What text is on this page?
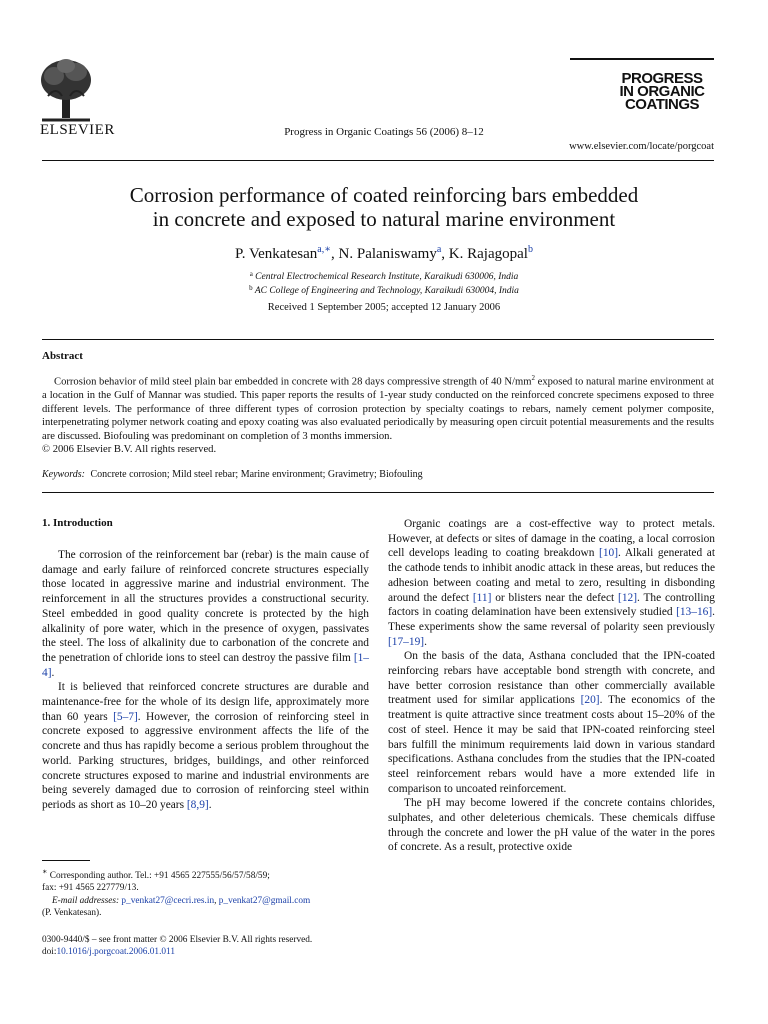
ELSEVIER	Progress in Organic Coatings 56 (2006) 8–12
PROGRESS
IN ORGANIC
COATINGS
www.elsevier.com/locate/porgcoat
Corrosion performance of coated reinforcing bars embedded
in concrete and exposed to natural marine environment
P. Venkatesan$^{a,∗}$, N. Palaniswamy$^a$, K. Rajagopal$^b$
$^a$ Central Electrochemical Research Institute, Karaikudi 630006, India
$^b$ AC College of Engineering and Technology, Karaikudi 630004, India
Received 1 September 2005; accepted 12 January 2006
Abstract

Corrosion behavior of mild steel plain bar embedded in concrete with 28 days compressive strength of 40 $N/mm^2$ exposed to natural marine environment at a location in the Gulf of Mannar was studied. This paper reports the results of 1-year study conducted on the reinforced concrete specimens exposed to three different levels. The performance of three different types of corrosion protection by specialty coatings to rebars, namely cement polymer composite, interpenetrating polymer network coating and epoxy coating was also evaluated periodically by measuring open circuit potential measurements and the results are discussed. Biofouling was predominant on completion of 3 months immersion.

© 2006 Elsevier B.V. All rights reserved.

Keywords: Concrete corrosion; Mild steel rebar; Marine environment; Gravimetry; Biofouling
1. Introduction

The corrosion of the reinforcement bar (rebar) is the main cause of damage and early failure of reinforced concrete structures especially those located in aggressive marine and industrial environment. The reinforcement in all the structures provides a constructional security. Steel embedded in good quality concrete is protected by the high alkalinity of pore water, which in the presence of oxygen, passivates the steel. The loss of alkalinity due to carbonation of the concrete and the penetration of chloride ions to steel can destroy the passive film [1–4].

It is believed that reinforced concrete structures are durable and maintenance-free for the whole of its design life, approximately more than 60 years [5–7]. However, the corrosion of reinforcing steel in concrete exposed to aggressive environment affects the life of the concrete and thus has rapidly become a serious problem throughout the world. Parking structures, bridges, buildings, and other reinforced concrete structures exposed to marine and industrial environments are being severely damaged due to corrosion of reinforcing steel within periods as short as 10–20 years [8,9].

∗ Corresponding author. Tel.: +91 4565 227555/56/57/58/59;

fax: +91 4565 227779/13.

E-mail addresses: p_venkat27@cecri.res.in, p_venkat27@gmail.com

(P. Venkatesan).

0300-9440/$ – see front matter © 2006 Elsevier B.V. All rights reserved.
doi:10.1016/j.porgcoat.2006.01.011

Organic coatings are a cost-effective way to protect metals. However, at defects or sites of damage in the coating, a local corrosion cell develops leading to coating breakdown [10]. Alkali generated at the cathode tends to inhibit anodic attack in these areas, but reduces the adhesion between coating and metal to zero, resulting in disbonding around the defect [11] or blisters near the defect [12]. The controlling factors in coating delamination have been extensively studied [13–16]. These experiments show the same reversal of polarity seen previously [17–19].

On the basis of the data, Asthana concluded that the IPN-coated reinforcing rebars have acceptable bond strength with concrete, and have better corrosion resistance than other commercially available treatment used for similar applications [20]. The economics of the treatment is quite attractive since treatment costs about 15–20% of the cost of steel. Hence it may be said that IPN-coated reinforcing steel bars fulfill the minimum requirements laid down in various standard specifications. Asthana concludes from the studies that the IPN-coated steel reinforcement rebars would have a more extended life in comparison to uncoated reinforcement.

The pH may become lowered if the concrete contains chlorides, sulphates, and other deleterious chemicals. These chemicals diffuse through the concrete and lower the pH value of the water in the pores of concrete. As a result, protective oxide
